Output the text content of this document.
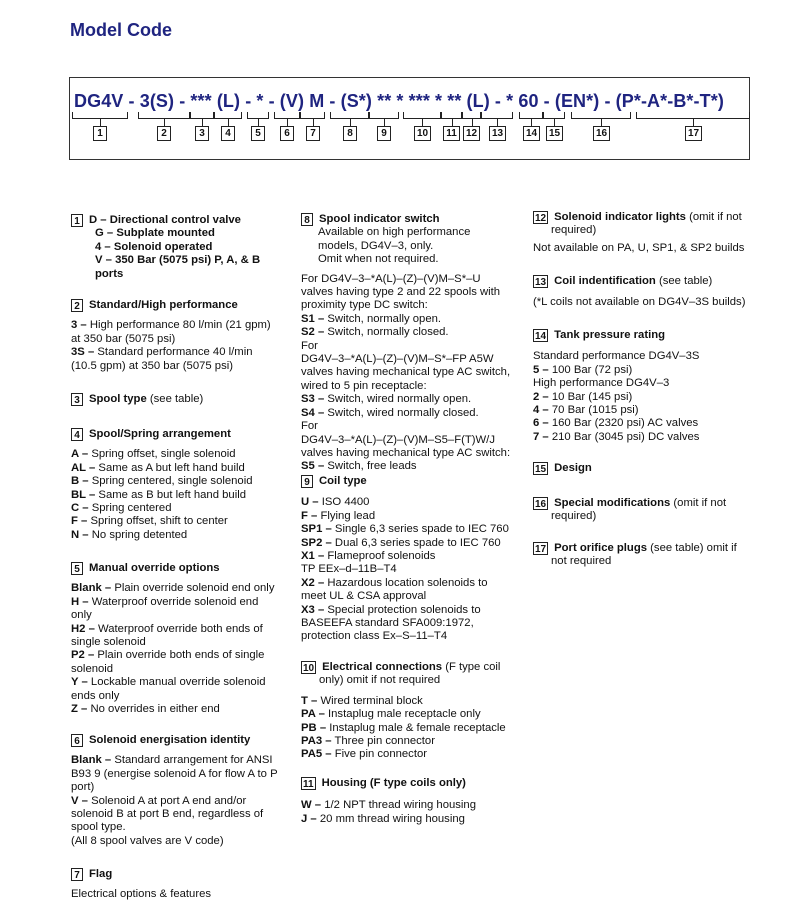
Model Code
DG4V - 3(S) - *** (L) - * - (V) M - (S*) ** * *** * ** (L) - * 60 - (EN*) - (P*-A*-B*-T*)
1	2	3	4	5	6	7	8	9	10	11 12	13	14	15	16	17
1 D – Directional control valve
G – Subplate mounted
4 – Solenoid operated
V – 350 Bar (5075 psi) P, A, & B
ports
2 Standard/High performance
3 – High performance 80 l/min (21 gpm)
at 350 bar (5075 psi)
3S – Standard performance 40 l/min
(10.5 gpm) at 350 bar (5075 psi)
3 Spool type (see table)
4 Spool/Spring arrangement
A – Spring offset, single solenoid
AL – Same as A but left hand build
B – Spring centered, single solenoid
BL – Same as B but left hand build
C – Spring centered
F – Spring offset, shift to center
N – No spring detented
5 Manual override options
Blank – Plain override solenoid end only
H – Waterproof override solenoid end
only
H2 – Waterproof override both ends of
single solenoid
P2 – Plain override both ends of single
solenoid
Y – Lockable manual override solenoid
ends only
Z – No overrides in either end
6 Solenoid energisation identity
Blank – Standard arrangement for ANSI
B93 9 (energise solenoid A for flow A to P
port)
V – Solenoid A at port A end and/or
solenoid B at port B end, regardless of
spool type.
(All 8 spool valves are V code)
7 Flag
Electrical options & features
8 Spool indicator switch
Available on high performance
models, DG4V–3, only.
Omit when not required.
For DG4V–3–*A(L)–(Z)–(V)M–S*–U
valves having type 2 and 22 spools with
proximity type DC switch:
S1 – Switch, normally open.
S2 – Switch, normally closed.
For
DG4V–3–*A(L)–(Z)–(V)M–S*–FP A5W
valves having mechanical type AC switch,
wired to 5 pin receptacle:
S3 – Switch, wired normally open.
S4 – Switch, wired normally closed.
For
DG4V–3–*A(L)–(Z)–(V)M–S5–F(T)W/J
valves having mechanical type AC switch:
S5 – Switch, free leads
9 Coil type
U – ISO 4400
F – Flying lead
SP1 – Single 6,3 series spade to IEC 760
SP2 – Dual 6,3 series spade to IEC 760
X1 – Flameproof solenoids
TP EEx–d–11B–T4
X2 – Hazardous location solenoids to
meet UL & CSA approval
X3 – Special protection solenoids to
BASEEFA standard SFA009:1972,
protection class Ex–S–11–T4
10 Electrical connections (F type coil
only) omit if not required
T – Wired terminal block
PA – Instaplug male receptacle only
PB – Instaplug male & female receptacle
PA3 – Three pin connector
PA5 – Five pin connector
11 Housing (F type coils only)
W – 1/2 NPT thread wiring housing
J – 20 mm thread wiring housing
12 Solenoid indicator lights (omit if not
required)
Not available on PA, U, SP1, & SP2 builds
13 Coil indentification (see table)
(*L coils not available on DG4V–3S builds)
14 Tank pressure rating
Standard performance DG4V–3S
5 – 100 Bar (72 psi)
High performance DG4V–3
2 – 10 Bar (145 psi)
4 – 70 Bar (1015 psi)
6 – 160 Bar (2320 psi) AC valves
7 – 210 Bar (3045 psi) DC valves
15 Design
16 Special modifications (omit if not
required)
17 Port orifice plugs (see table) omit if
not required
